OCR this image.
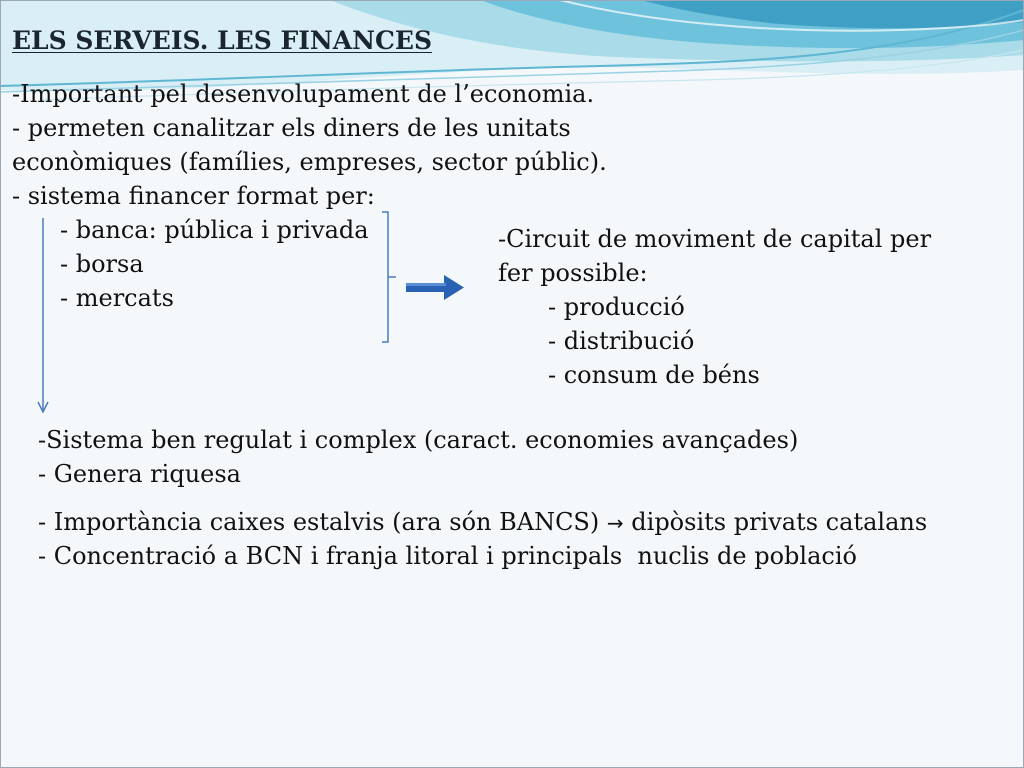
ELS SERVEIS. LES FINANCES
-Important pel desenvolupament de l’economia.
- permeten canalitzar els diners de les unitats
econòmiques (famílies, empreses, sector públic).
- sistema financer format per:
- banca: pública i privada
- borsa
- mercats
-Circuit de moviment de capital per
fer possible:
- producció
- distribució
- consum de béns
-Sistema ben regulat i complex (caract. economies avançades)
- Genera riquesa
- Importància caixes estalvis (ara són BANCS) → dipòsits privats catalans
- Concentració a BCN i franja litoral i principals  nuclis de població
